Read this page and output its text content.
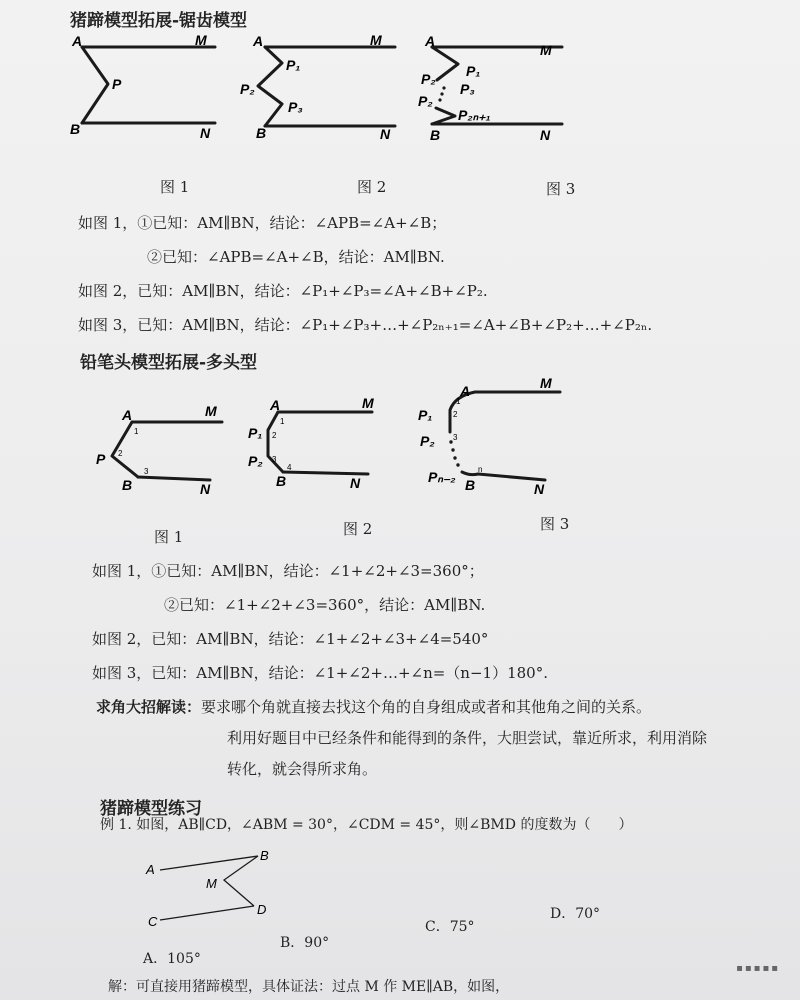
猪蹄模型拓展-锯齿模型
A	M
P
B	N
A	M
P₁
P₂
P₃
B	N
A
M
P₁
P₂
P₃
P₂
P₂ₙ₊₁
B	N
图 1	图 2	图 3
如图 1，①已知：AM∥BN，结论：∠APB=∠A+∠B；
②已知：∠APB=∠A+∠B，结论：AM∥BN.
如图 2，已知：AM∥BN，结论：∠P₁+∠P₃=∠A+∠B+∠P₂.
如图 3，已知：AM∥BN，结论：∠P₁+∠P₃+…+∠P₂ₙ₊₁=∠A+∠B+∠P₂+…+∠P₂ₙ.
铅笔头模型拓展-多头型
A	M
P
B	N
1
2
3
A	M
P₁
P₂
B	N
1
2
3
4
A	M
P₁
P₂
Pₙ₋₂ B	N
1
2
3
n
图 1	图 2	图 3
如图 1，①已知：AM∥BN，结论：∠1+∠2+∠3=360°；
②已知：∠1+∠2+∠3=360°，结论：AM∥BN.
如图 2，已知：AM∥BN，结论：∠1+∠2+∠3+∠4=540°
如图 3，已知：AM∥BN，结论：∠1+∠2+…+∠n=（n−1）180°.
求角大招解读：要求哪个角就直接去找这个角的自身组成或者和其他角之间的关系。
利用好题目中已经条件和能得到的条件，大胆尝试，靠近所求，利用消除
转化，就会得所求角。
猪蹄模型练习
例 1. 如图，AB∥CD，∠ABM = 30°，∠CDM = 45°，则∠BMD 的度数为（　　）
A
B
M
C
D
A．105°
B．90°
C．75°
D．70°
解：可直接用猪蹄模型，具体证法：过点 M 作 ME∥AB，如图，
▪▪▪▪▪
